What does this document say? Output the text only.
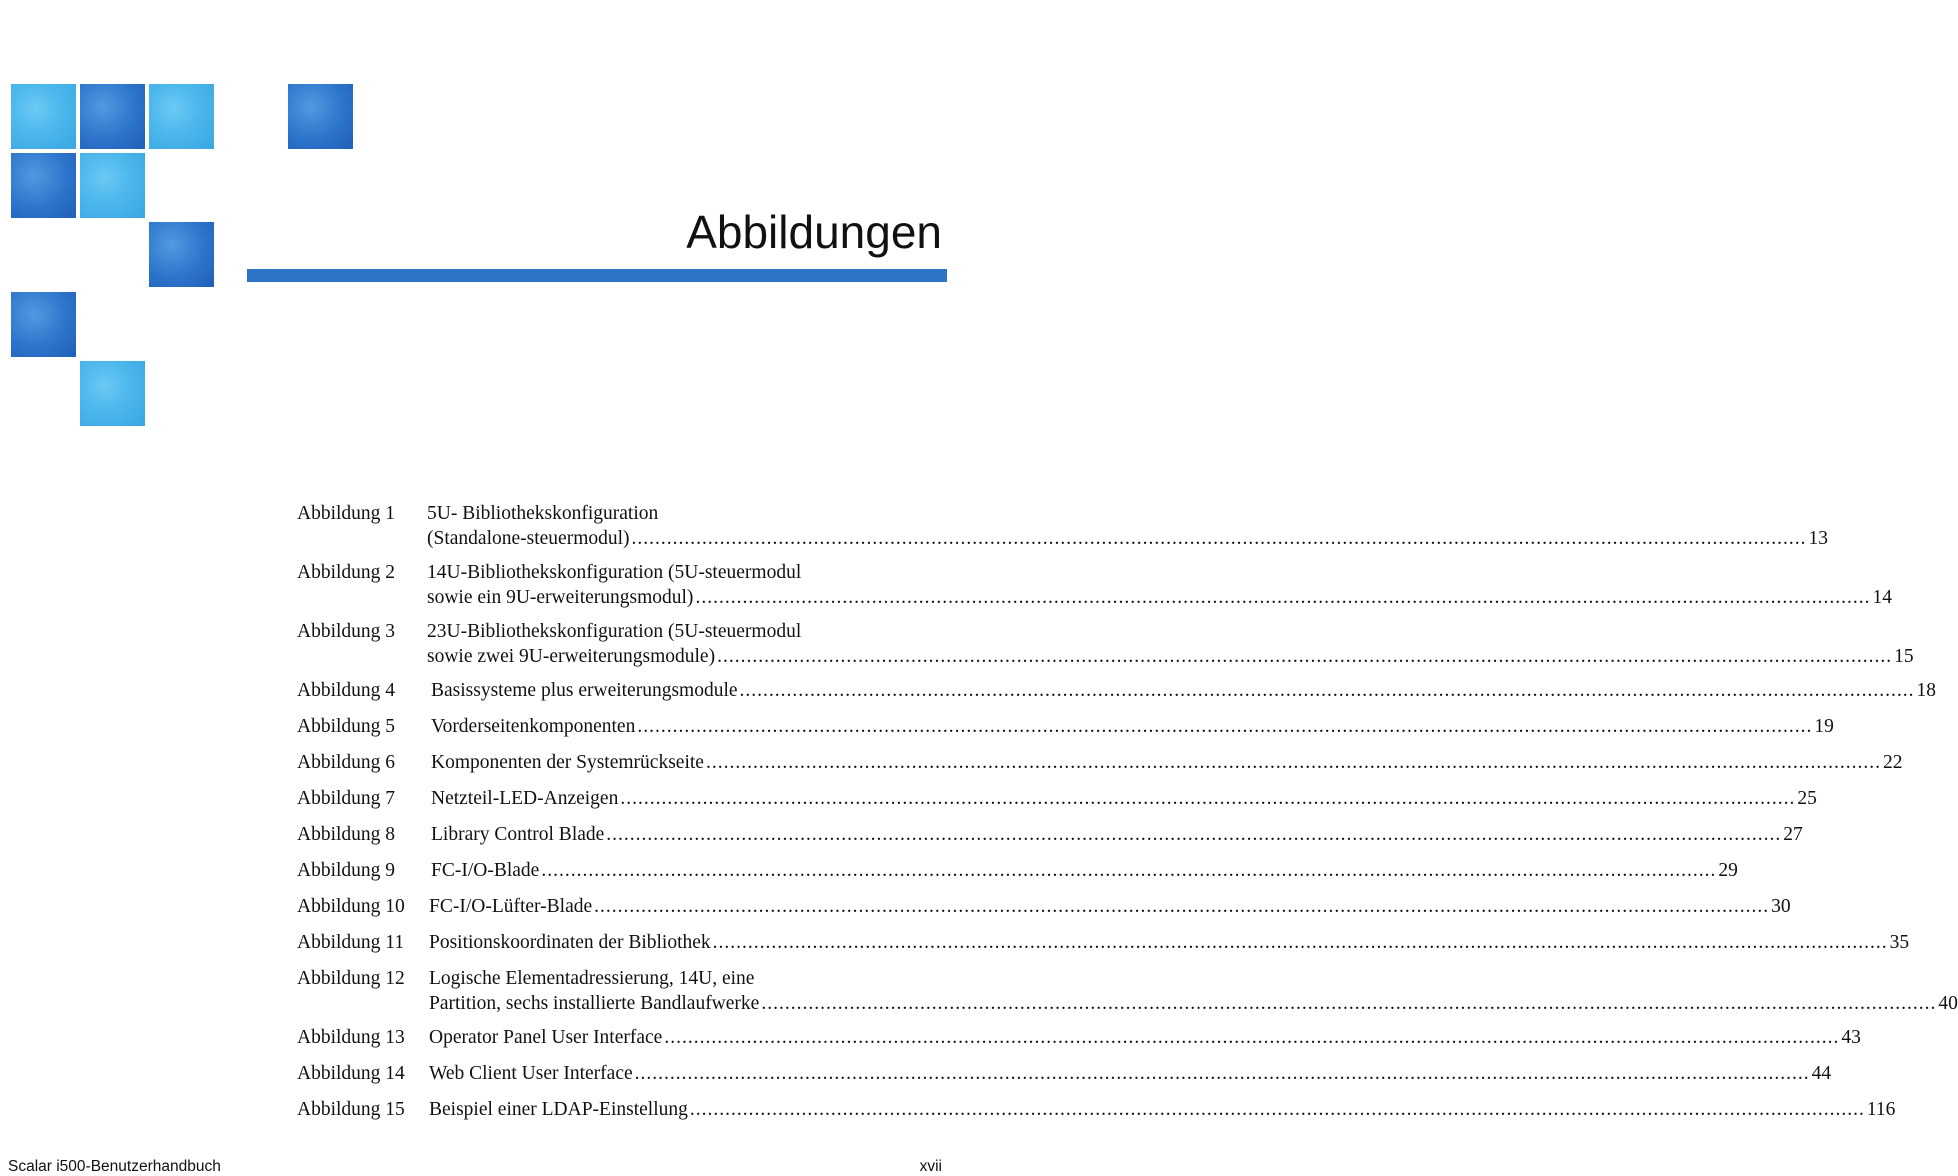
Abbildungen
Abbildung 1	5U- Bibliothekskonfiguration
(Standalone-steuermodul) .....	13
Abbildung 2	14U-Bibliothekskonfiguration (5U-steuermodul
sowie ein 9U-erweiterungsmodul) .....	14
Abbildung 3	23U-Bibliothekskonfiguration (5U-steuermodul
sowie zwei 9U-erweiterungsmodule) .....	15
Abbildung 4	Basissysteme plus erweiterungsmodule .....	18
Abbildung 5	Vorderseitenkomponenten .....	19
Abbildung 6	Komponenten der Systemrückseite .....	22
Abbildung 7	Netzteil-LED-Anzeigen .....	25
Abbildung 8	Library Control Blade .....	27
Abbildung 9	FC-I/O-Blade .....	29
Abbildung 10	FC-I/O-Lüfter-Blade .....	30
Abbildung 11	Positionskoordinaten der Bibliothek .....	35
Abbildung 12	Logische Elementadressierung, 14U, eine
Partition, sechs installierte Bandlaufwerke .....	40
Abbildung 13	Operator Panel User Interface .....	43
Abbildung 14	Web Client User Interface .....	44
Abbildung 15	Beispiel einer LDAP-Einstellung .....	116
Scalar i500-Benutzerhandbuch	xvii
